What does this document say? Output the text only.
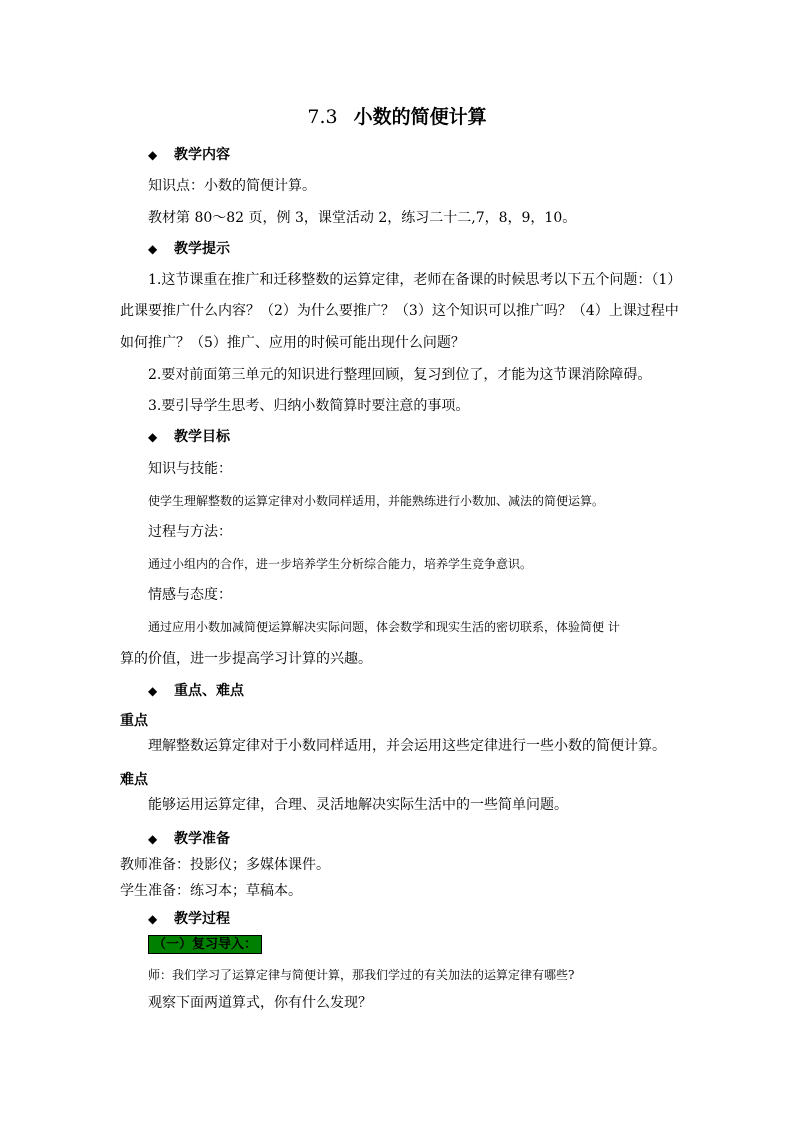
7.3 小数的简便计算
◆ 教学内容
知识点：小数的简便计算。
教材第 80～82 页，例 3，课堂活动 2，练习二十二,7，8，9，10。
◆ 教学提示
1.这节课重在推广和迁移整数的运算定律，老师在备课的时候思考以下五个问题：（1）
此课要推广什么内容？（2）为什么要推广？（3）这个知识可以推广吗？（4）上课过程中
如何推广？（5）推广、应用的时候可能出现什么问题？
2.要对前面第三单元的知识进行整理回顾，复习到位了，才能为这节课消除障碍。
3.要引导学生思考、归纳小数简算时要注意的事项。
◆ 教学目标
知识与技能：
使学生理解整数的运算定律对小数同样适用，并能熟练进行小数加、减法的简便运算。
过程与方法：
通过小组内的合作，进一步培养学生分析综合能力，培养学生竞争意识。
情感与态度：
通过应用小数加减简便运算解决实际问题，体会数学和现实生活的密切联系，体验简便 计
算的价值，进一步提高学习计算的兴趣。
◆ 重点、难点
重点
理解整数运算定律对于小数同样适用，并会运用这些定律进行一些小数的简便计算。
难点
能够运用运算定律，合理、灵活地解决实际生活中的一些简单问题。
◆ 教学准备
教师准备：投影仪；多媒体课件。
学生准备：练习本；草稿本。
◆ 教学过程
（一）复习导入：
师：我们学习了运算定律与简便计算，那我们学过的有关加法的运算定律有哪些?
观察下面两道算式，你有什么发现？
